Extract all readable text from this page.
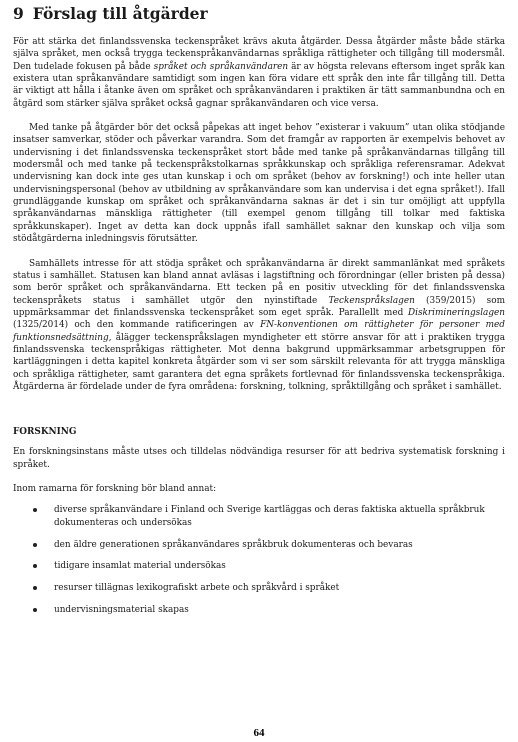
9 Förslag till åtgärder

För att stärka det finlandssvenska teckenspråket krävs akuta åtgärder. Dessa åtgärder måste både stärka själva språket, men också trygga teckenspråkanvändarnas språkliga rättigheter och tillgång till modersmål. Den tudelade fokusen på både språket och språkanvändaren är av högsta relevans eftersom inget språk kan existera utan språkanvändare samtidigt som ingen kan föra vidare ett språk den inte får tillgång till. Detta är viktigt att hålla i åtanke även om språket och språkanvändaren i praktiken är tätt sammanbundna och en åtgärd som stärker själva språket också gagnar språkanvändaren och vice versa.

Med tanke på åtgärder bör det också påpekas att inget behov ”existerar i vakuum” utan olika stödjande insatser samverkar, stöder och påverkar varandra. Som det framgår av rapporten är exempelvis behovet av undervisning i det finlandssvenska teckenspråket stort både med tanke på språkanvändarnas tillgång till modersmål och med tanke på teckenspråkstolkarnas språkkunskap och språkliga referensramar. Adekvat undervisning kan dock inte ges utan kunskap i och om språket (behov av forskning!) och inte heller utan undervisningspersonal (behov av utbildning av språkanvändare som kan undervisa i det egna språket!). Ifall grundläggande kunskap om språket och språkanvändarna saknas är det i sin tur omöjligt att uppfylla språkanvändarnas mänskliga rättigheter (till exempel genom tillgång till tolkar med faktiska språkkunskaper). Inget av detta kan dock uppnås ifall samhället saknar den kunskap och vilja som stödåtgärderna inledningsvis förutsätter.

Samhällets intresse för att stödja språket och språkanvändarna är direkt sammanlänkat med språkets status i samhället. Statusen kan bland annat avläsas i lagstiftning och förordningar (eller bristen på dessa) som berör språket och språkanvändarna. Ett tecken på en positiv utveckling för det finlandssvenska teckenspråkets status i samhället utgör den nyinstiftade Teckenspråkslagen (359/2015) som uppmärksammar det finlandssvenska teckenspråket som eget språk. Parallellt med Diskrimineringslagen (1325/2014) och den kommande ratificeringen av FN-konventionen om rättigheter för personer med funktionsnedsättning, ålägger teckenspråkslagen myndigheter ett större ansvar för att i praktiken trygga finlandssvenska teckenspråkigas rättigheter. Mot denna bakgrund uppmärksammar arbetsgruppen för kartläggningen i detta kapitel konkreta åtgärder som vi ser som särskilt relevanta för att trygga mänskliga och språkliga rättigheter, samt garantera det egna språkets fortlevnad för finlandssvenska teckenspråkiga. Åtgärderna är fördelade under de fyra områdena: forskning, tolkning, språktillgång och språket i samhället.

FORSKNING

En forskningsinstans måste utses och tilldelas nödvändiga resurser för att bedriva systematisk forskning i språket.

Inom ramarna för forskning bör bland annat:

diverse språkanvändare i Finland och Sverige kartläggas och deras faktiska aktuella språkbruk dokumenteras och undersökas
den äldre generationen språkanvändares språkbruk dokumenteras och bevaras
tidigare insamlat material undersökas
resurser tillägnas lexikografiskt arbete och språkvård i språket
undervisningsmaterial skapas
64
